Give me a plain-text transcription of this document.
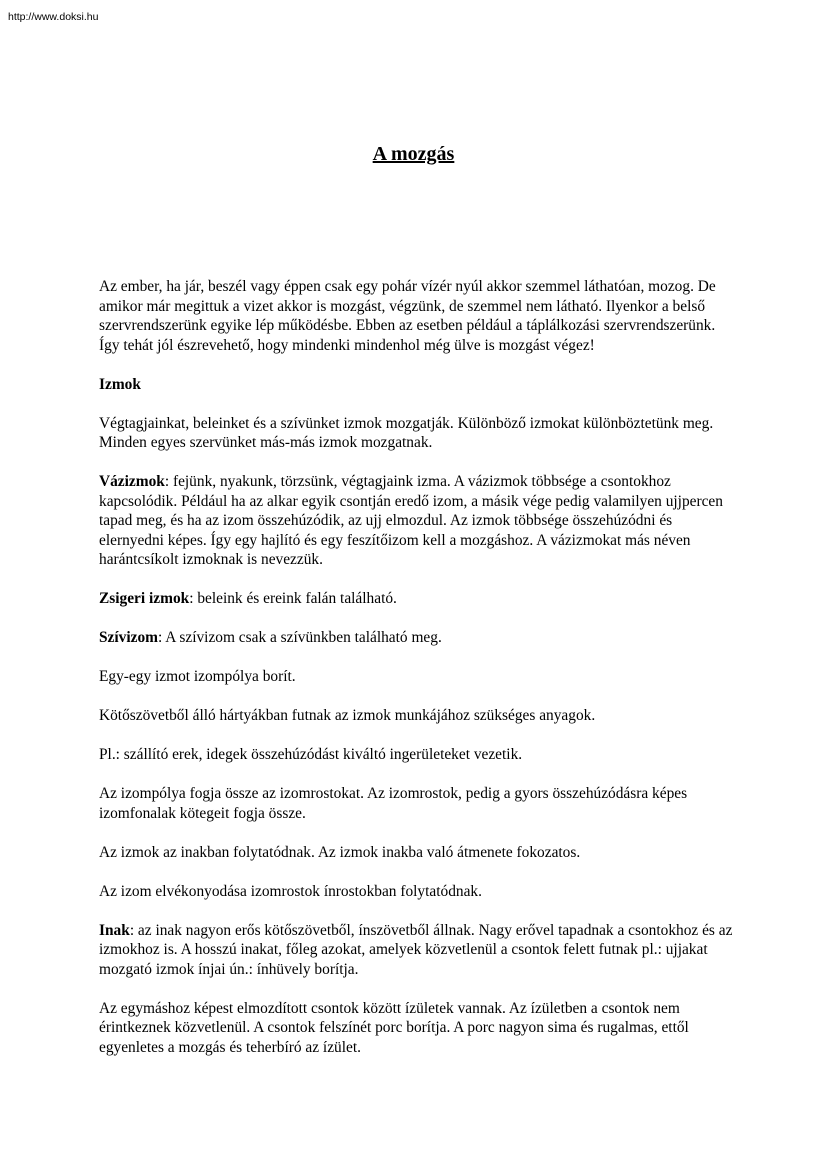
http://www.doksi.hu
A mozgás

Az ember, ha jár, beszél vagy éppen csak egy pohár vízér nyúl akkor szemmel láthatóan, mozog. De amikor már megittuk a vizet akkor is mozgást, végzünk, de szemmel nem látható. Ilyenkor a belső szervrendszerünk egyike lép működésbe. Ebben az esetben például a táplálkozási szervrendszerünk. Így tehát jól észrevehető, hogy mindenki mindenhol még ülve is mozgást végez!

Izmok

Végtagjainkat, beleinket és a szívünket izmok mozgatják. Különböző izmokat különböztetünk meg. Minden egyes szervünket más-más izmok mozgatnak.

Vázizmok: fejünk, nyakunk, törzsünk, végtagjaink izma. A vázizmok többsége a csontokhoz kapcsolódik. Például ha az alkar egyik csontján eredő izom, a másik vége pedig valamilyen ujjpercen tapad meg, és ha az izom összehúzódik, az ujj elmozdul. Az izmok többsége összehúzódni és elernyedni képes. Így egy hajlító és egy feszítőizom kell a mozgáshoz. A vázizmokat más néven harántcsíkolt izmoknak is nevezzük.

Zsigeri izmok: beleink és ereink falán található.

Szívizom: A szívizom csak a szívünkben található meg.

Egy-egy izmot izompólya borít.

Kötőszövetből álló hártyákban futnak az izmok munkájához szükséges anyagok.

Pl.: szállító erek, idegek összehúzódást kiváltó ingerületeket vezetik.

Az izompólya fogja össze az izomrostokat. Az izomrostok, pedig a gyors összehúzódásra képes izomfonalak kötegeit fogja össze.

Az izmok az inakban folytatódnak. Az izmok inakba való átmenete fokozatos.

Az izom elvékonyodása izomrostok ínrostokban folytatódnak.

Inak: az inak nagyon erős kötőszövetből, ínszövetből állnak. Nagy erővel tapadnak a csontokhoz és az izmokhoz is. A hosszú inakat, főleg azokat, amelyek közvetlenül a csontok felett futnak pl.: ujjakat mozgató izmok ínjai ún.: ínhüvely borítja.

Az egymáshoz képest elmozdított csontok között ízületek vannak. Az ízületben a csontok nem érintkeznek közvetlenül. A csontok felszínét porc borítja. A porc nagyon sima és rugalmas, ettől egyenletes a mozgás és teherbíró az ízület.
